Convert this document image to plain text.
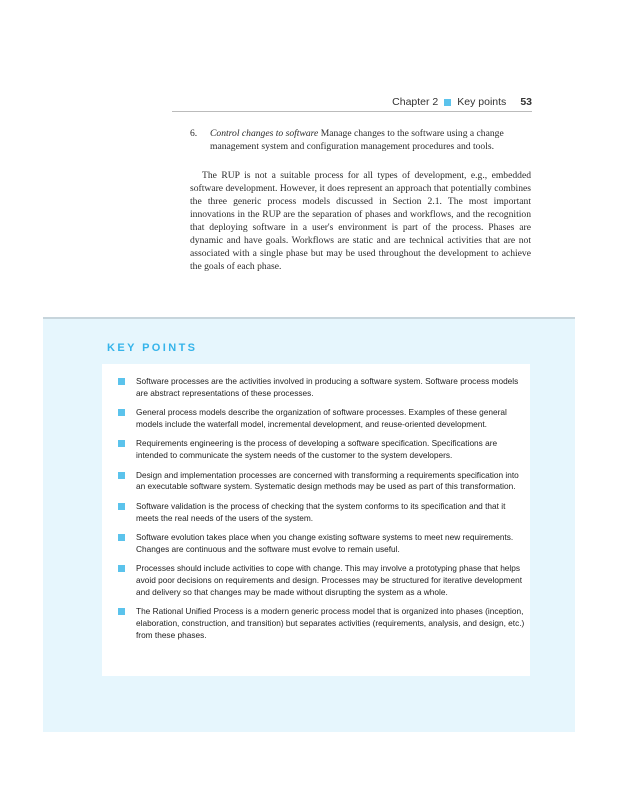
Chapter 2 Key points 53
6.	Control changes to software Manage changes to the software using a change management system and configuration management procedures and tools.
The RUP is not a suitable process for all types of development, e.g., embedded software development. However, it does represent an approach that potentially combines the three generic process models discussed in Section 2.1. The most important innovations in the RUP are the separation of phases and workflows, and the recognition that deploying software in a user's environment is part of the process. Phases are dynamic and have goals. Workflows are static and are technical activities that are not associated with a single phase but may be used throughout the development to achieve the goals of each phase.
KEY POINTS
Software processes are the activities involved in producing a software system. Software process models are abstract representations of these processes.
General process models describe the organization of software processes. Examples of these general models include the waterfall model, incremental development, and reuse-oriented development.
Requirements engineering is the process of developing a software specification. Specifications are intended to communicate the system needs of the customer to the system developers.
Design and implementation processes are concerned with transforming a requirements specification into an executable software system. Systematic design methods may be used as part of this transformation.
Software validation is the process of checking that the system conforms to its specification and that it meets the real needs of the users of the system.
Software evolution takes place when you change existing software systems to meet new requirements. Changes are continuous and the software must evolve to remain useful.
Processes should include activities to cope with change. This may involve a prototyping phase that helps avoid poor decisions on requirements and design. Processes may be structured for iterative development and delivery so that changes may be made without disrupting the system as a whole.
The Rational Unified Process is a modern generic process model that is organized into phases (inception, elaboration, construction, and transition) but separates activities (requirements, analysis, and design, etc.) from these phases.
